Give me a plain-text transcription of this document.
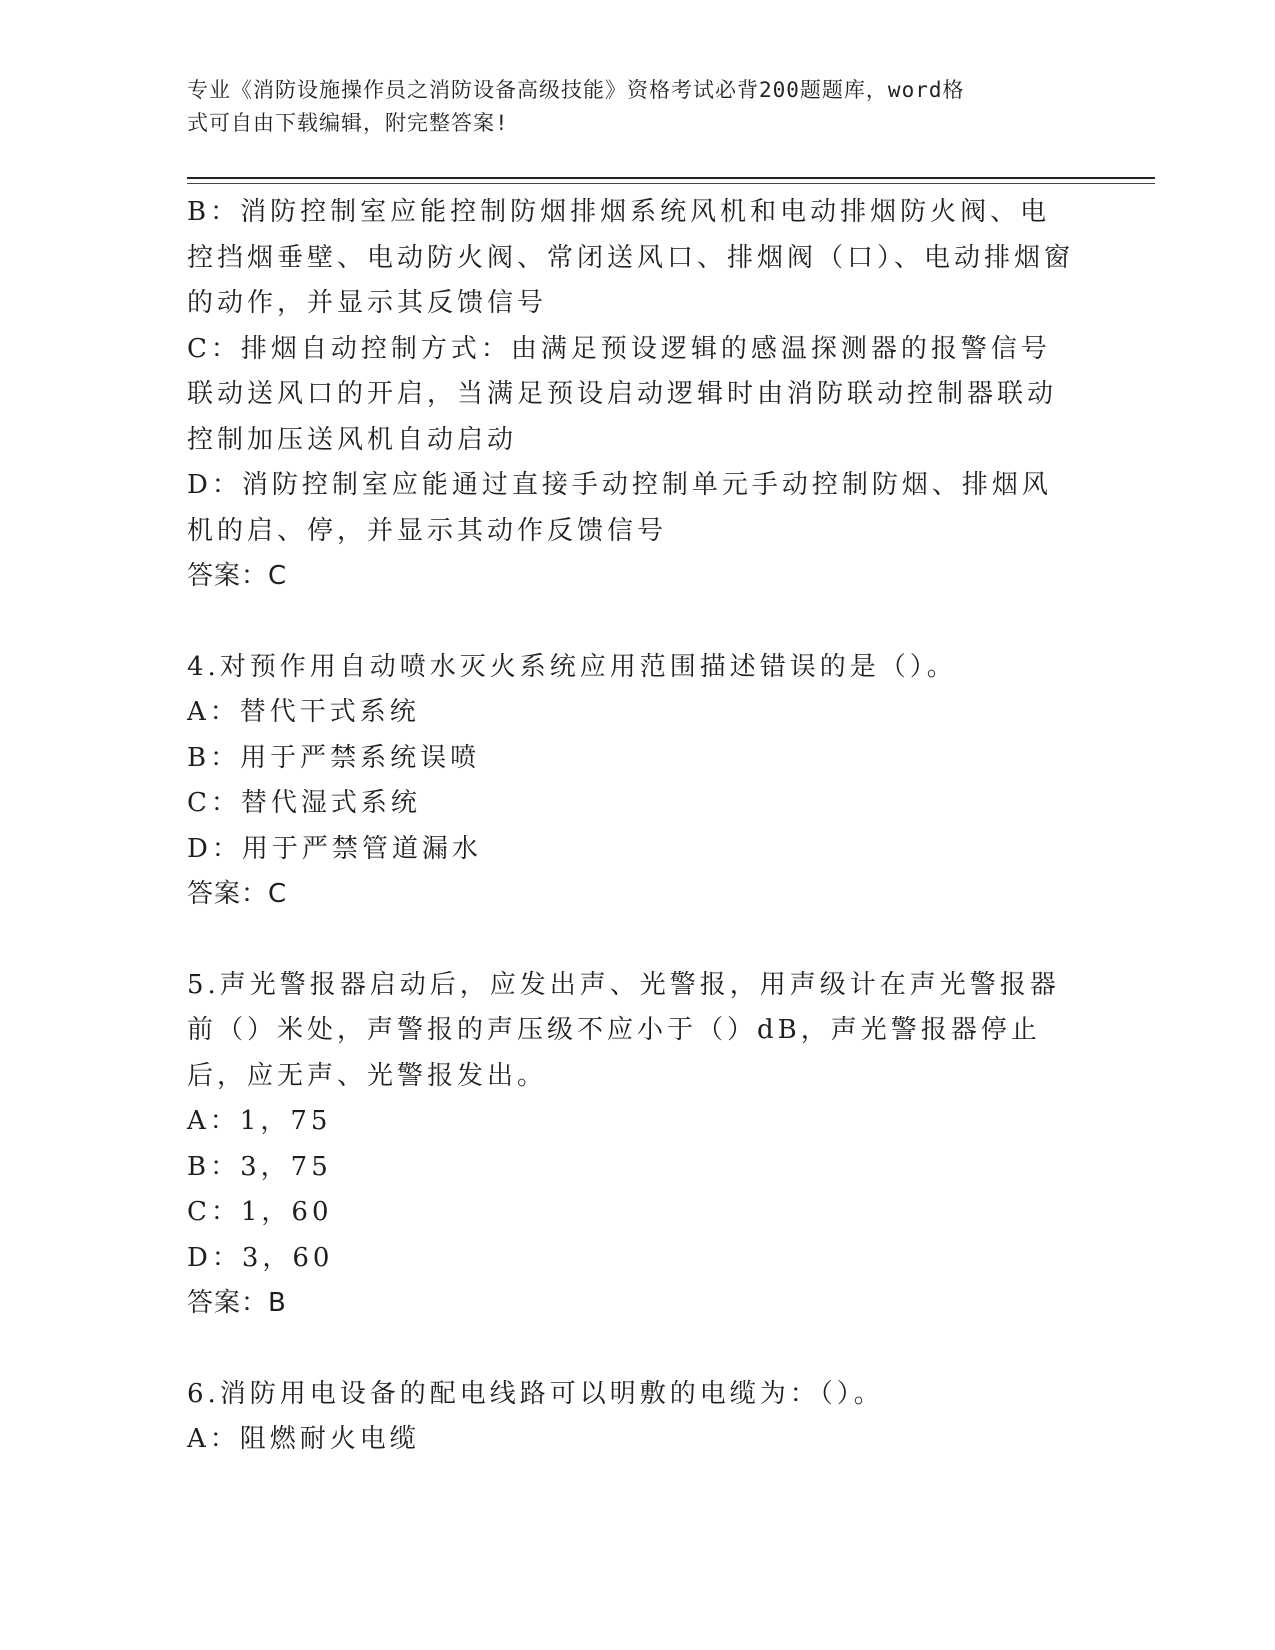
专业《消防设施操作员之消防设备高级技能》资格考试必背200题题库，word格
式可自由下载编辑，附完整答案!

B：消防控制室应能控制防烟排烟系统风机和电动排烟防火阀、电控挡烟垂壁、电动防火阀、常闭送风口、排烟阀（口）、电动排烟窗的动作，并显示其反馈信号

C：排烟自动控制方式：由满足预设逻辑的感温探测器的报警信号联动送风口的开启，当满足预设启动逻辑时由消防联动控制器联动控制加压送风机自动启动

D：消防控制室应能通过直接手动控制单元手动控制防烟、排烟风机的启、停，并显示其动作反馈信号

答案：C

4.对预作用自动喷水灭火系统应用范围描述错误的是（）。

A：替代干式系统

B：用于严禁系统误喷

C：替代湿式系统

D：用于严禁管道漏水

答案：C

5.声光警报器启动后，应发出声、光警报，用声级计在声光警报器前（）米处，声警报的声压级不应小于（）dB，声光警报器停止后，应无声、光警报发出。

A：1，75

B：3，75

C：1，60

D：3，60

答案：B

6.消防用电设备的配电线路可以明敷的电缆为：（）。

A：阻燃耐火电缆
